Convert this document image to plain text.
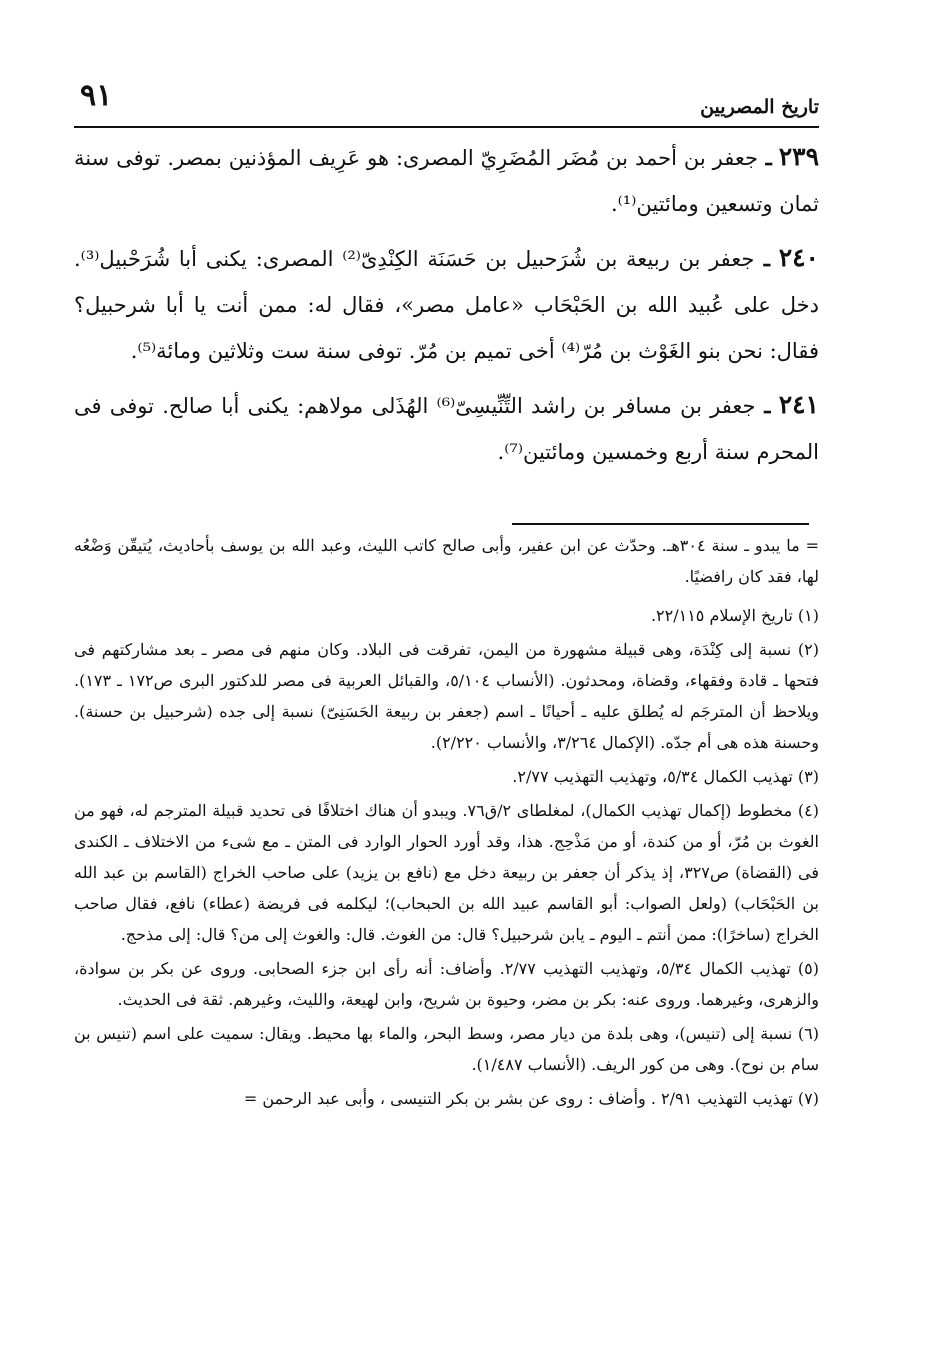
تاريخ المصريين
٩١

٢٣٩ ـ جعفر بن أحمد بن مُضَر المُضَرِيّ المصرى: هو عَرِيف المؤذنين بمصر. توفى سنة ثمان وتسعين ومائتين⁽¹⁾.

٢٤٠ ـ جعفر بن ربيعة بن شُرَحبيل بن حَسَنَة الكِنْدِىّ⁽²⁾ المصرى: يكنى أبا شُرَحْبيل⁽³⁾. دخل على عُبيد الله بن الحَبْحَاب «عامل مصر»، فقال له: ممن أنت يا أبا شرحبيل؟ فقال: نحن بنو الغَوْث بن مُرّ⁽⁴⁾ أخى تميم بن مُرّ. توفى سنة ست وثلاثين ومائة⁽⁵⁾.

٢٤١ ـ جعفر بن مسافر بن راشد التِّنِّيسِىّ⁽⁶⁾ الهُذَلى مولاهم: يكنى أبا صالح. توفى فى المحرم سنة أربع وخمسين ومائتين⁽⁷⁾.

= ما يبدو ـ سنة ٣٠٤هـ. وحدّث عن ابن عفير، وأبى صالح كاتب الليث، وعبد الله بن يوسف بأحاديث، يُتيقّن وَضْعُه لها، فقد كان رافضيًا.

(١) تاريخ الإسلام ٢٢/١١٥.

(٢) نسبة إلى كِنْدَة، وهى قبيلة مشهورة من اليمن، تفرقت فى البلاد. وكان منهم فى مصر ـ بعد مشاركتهم فى فتحها ـ قادة وفقهاء، وقضاة، ومحدثون. (الأنساب ٥/١٠٤، والقبائل العربية فى مصر للدكتور البرى ص١٧٢ ـ ١٧٣). ويلاحظ أن المترجَم له يُطلق عليه ـ أحيانًا ـ اسم (جعفر بن ربيعة الحَسَنِىّ) نسبة إلى جده (شرحبيل بن حسنة). وحسنة هذه هى أم جدّه. (الإكمال ٣/٢٦٤، والأنساب ٢/٢٢٠).

(٣) تهذيب الكمال ٥/٣٤، وتهذيب التهذيب ٢/٧٧.

(٤) مخطوط (إكمال تهذيب الكمال)، لمغلطاى ٢/ق٧٦. ويبدو أن هناك اختلافًا فى تحديد قبيلة المترجم له، فهو من الغوث بن مُرّ، أو من كندة، أو من مَذْحِج. هذا، وقد أورد الحوار الوارد فى المتن ـ مع شىء من الاختلاف ـ الكندى فى (القضاة) ص٣٢٧، إذ يذكر أن جعفر بن ربيعة دخل مع (نافع بن يزيد) على صاحب الخراج (القاسم بن عبد الله بن الحَبْحَاب) (ولعل الصواب: أبو القاسم عبيد الله بن الحبحاب)؛ ليكلمه فى فريضة (عطاء) نافع، فقال صاحب الخراج (ساخرًا): ممن أنتم ـ اليوم ـ يابن شرحبيل؟ قال: من الغوث. قال: والغوث إلى من؟ قال: إلى مذحج.

(٥) تهذيب الكمال ٥/٣٤، وتهذيب التهذيب ٢/٧٧. وأضاف: أنه رأى ابن جزء الصحابى. وروى عن بكر بن سوادة، والزهرى، وغيرهما. وروى عنه: بكر بن مضر، وحيوة بن شريح، وابن لهيعة، والليث، وغيرهم. ثقة فى الحديث.

(٦) نسبة إلى (تنيس)، وهى بلدة من ديار مصر، وسط البحر، والماء بها محيط. ويقال: سميت على اسم (تنيس بن سام بن نوح). وهى من كور الريف. (الأنساب ١/٤٨٧).

(٧) تهذيب التهذيب ٢/٩١ . وأضاف : روى عن بشر بن بكر التنيسى ، وأبى عبد الرحمن =
